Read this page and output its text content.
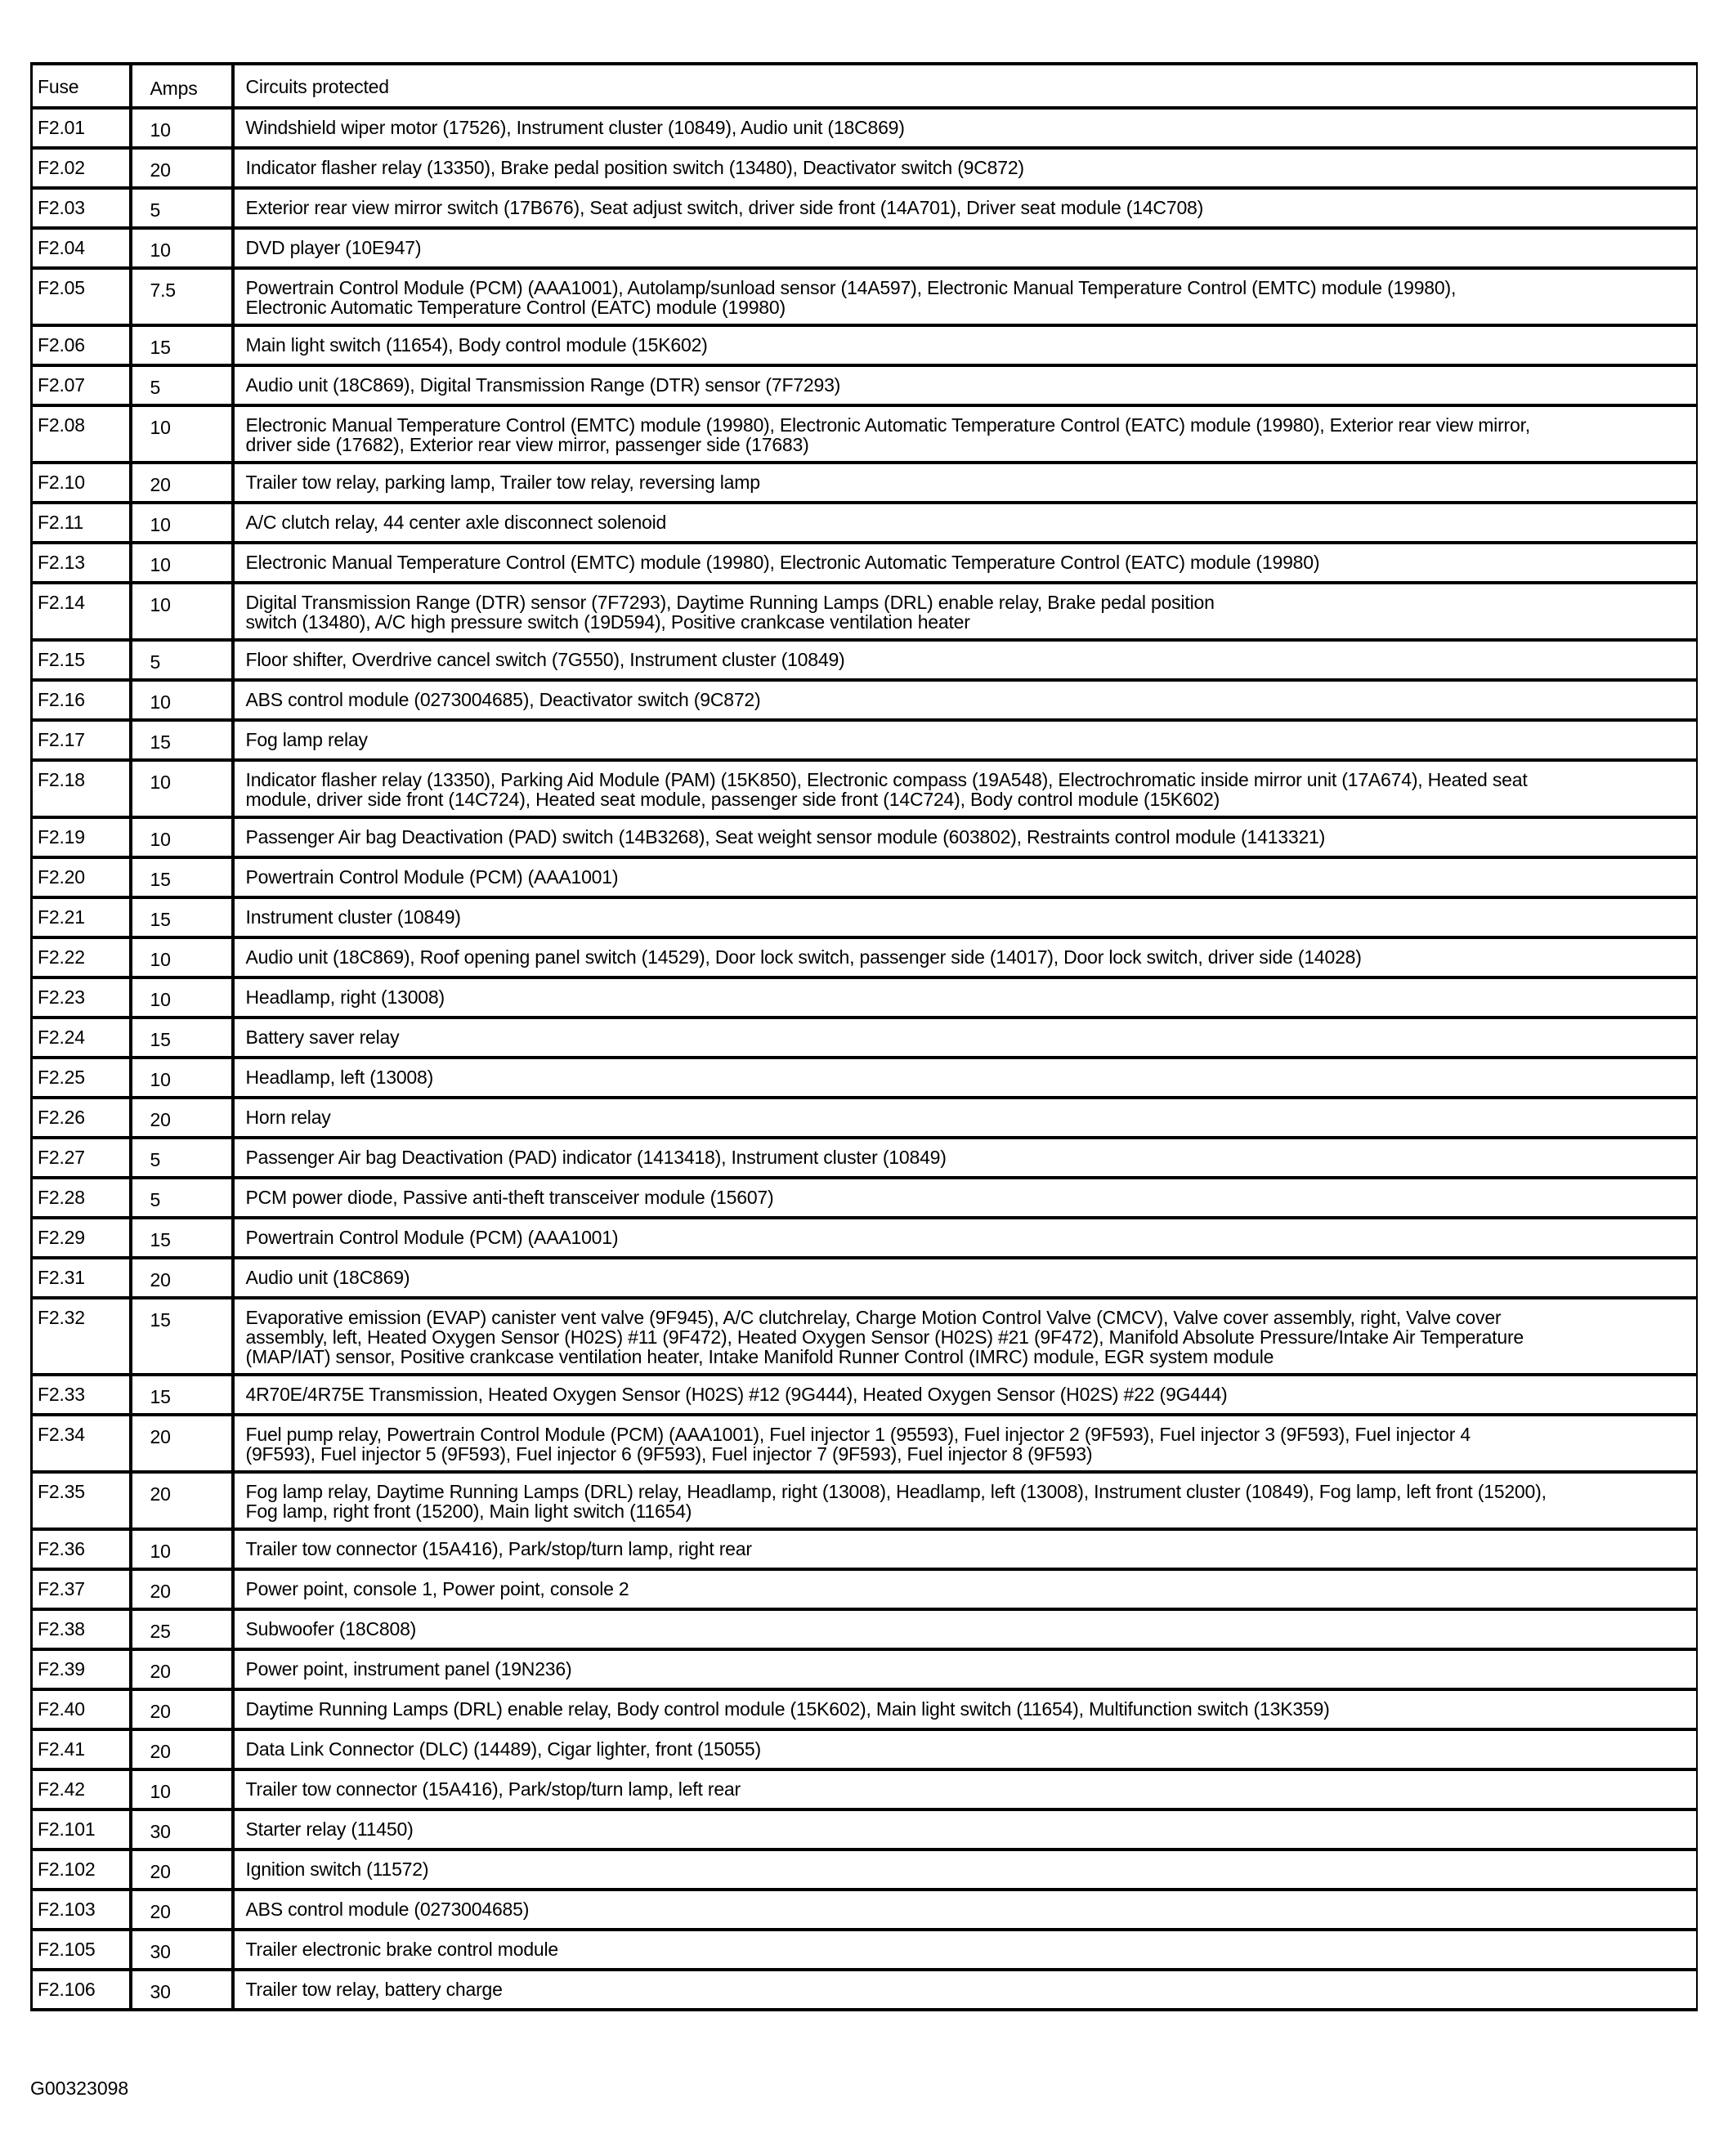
Fuse	Amps	Circuits protected
F2.01	10	Windshield wiper motor (17526), Instrument cluster (10849), Audio unit (18C869)
F2.02	20	Indicator flasher relay (13350), Brake pedal position switch (13480), Deactivator switch (9C872)
F2.03	5	Exterior rear view mirror switch (17B676), Seat adjust switch, driver side front (14A701), Driver seat module (14C708)
F2.04	10	DVD player (10E947)
F2.05	7.5	Powertrain Control Module (PCM) (AAA1001), Autolamp/sunload sensor (14A597), Electronic Manual Temperature Control (EMTC) module (19980),
Electronic Automatic Temperature Control (EATC) module (19980)
F2.06	15	Main light switch (11654), Body control module (15K602)
F2.07	5	Audio unit (18C869), Digital Transmission Range (DTR) sensor (7F7293)
F2.08	10	Electronic Manual Temperature Control (EMTC) module (19980), Electronic Automatic Temperature Control (EATC) module (19980), Exterior rear view mirror,
driver side (17682), Exterior rear view mirror, passenger side (17683)
F2.10	20	Trailer tow relay, parking lamp, Trailer tow relay, reversing lamp
F2.11	10	A/C clutch relay, 44 center axle disconnect solenoid
F2.13	10	Electronic Manual Temperature Control (EMTC) module (19980), Electronic Automatic Temperature Control (EATC) module (19980)
F2.14	10	Digital Transmission Range (DTR) sensor (7F7293), Daytime Running Lamps (DRL) enable relay, Brake pedal position
switch (13480), A/C high pressure switch (19D594), Positive crankcase ventilation heater
F2.15	5	Floor shifter, Overdrive cancel switch (7G550), Instrument cluster (10849)
F2.16	10	ABS control module (0273004685), Deactivator switch (9C872)
F2.17	15	Fog lamp relay
F2.18	10	Indicator flasher relay (13350), Parking Aid Module (PAM) (15K850), Electronic compass (19A548), Electrochromatic inside mirror unit (17A674), Heated seat
module, driver side front (14C724), Heated seat module, passenger side front (14C724), Body control module (15K602)
F2.19	10	Passenger Air bag Deactivation (PAD) switch (14B3268), Seat weight sensor module (603802), Restraints control module (1413321)
F2.20	15	Powertrain Control Module (PCM) (AAA1001)
F2.21	15	Instrument cluster (10849)
F2.22	10	Audio unit (18C869), Roof opening panel switch (14529), Door lock switch, passenger side (14017), Door lock switch, driver side (14028)
F2.23	10	Headlamp, right (13008)
F2.24	15	Battery saver relay
F2.25	10	Headlamp, left (13008)
F2.26	20	Horn relay
F2.27	5	Passenger Air bag Deactivation (PAD) indicator (1413418), Instrument cluster (10849)
F2.28	5	PCM power diode, Passive anti-theft transceiver module (15607)
F2.29	15	Powertrain Control Module (PCM) (AAA1001)
F2.31	20	Audio unit (18C869)
F2.32	15	Evaporative emission (EVAP) canister vent valve (9F945), A/C clutchrelay, Charge Motion Control Valve (CMCV), Valve cover assembly, right, Valve cover
assembly, left, Heated Oxygen Sensor (H02S) #11 (9F472), Heated Oxygen Sensor (H02S) #21 (9F472), Manifold Absolute Pressure/Intake Air Temperature
(MAP/IAT) sensor, Positive crankcase ventilation heater, Intake Manifold Runner Control (IMRC) module, EGR system module
F2.33	15	4R70E/4R75E Transmission, Heated Oxygen Sensor (H02S) #12 (9G444), Heated Oxygen Sensor (H02S) #22 (9G444)
F2.34	20	Fuel pump relay, Powertrain Control Module (PCM) (AAA1001), Fuel injector 1 (95593), Fuel injector 2 (9F593), Fuel injector 3 (9F593), Fuel injector 4
(9F593), Fuel injector 5 (9F593), Fuel injector 6 (9F593), Fuel injector 7 (9F593), Fuel injector 8 (9F593)
F2.35	20	Fog lamp relay, Daytime Running Lamps (DRL) relay, Headlamp, right (13008), Headlamp, left (13008), Instrument cluster (10849), Fog lamp, left front (15200),
Fog lamp, right front (15200), Main light switch (11654)
F2.36	10	Trailer tow connector (15A416), Park/stop/turn lamp, right rear
F2.37	20	Power point, console 1, Power point, console 2
F2.38	25	Subwoofer (18C808)
F2.39	20	Power point, instrument panel (19N236)
F2.40	20	Daytime Running Lamps (DRL) enable relay, Body control module (15K602), Main light switch (11654), Multifunction switch (13K359)
F2.41	20	Data Link Connector (DLC) (14489), Cigar lighter, front (15055)
F2.42	10	Trailer tow connector (15A416), Park/stop/turn lamp, left rear
F2.101	30	Starter relay (11450)
F2.102	20	Ignition switch (11572)
F2.103	20	ABS control module (0273004685)
F2.105	30	Trailer electronic brake control module
F2.106	30	Trailer tow relay, battery charge
G00323098
